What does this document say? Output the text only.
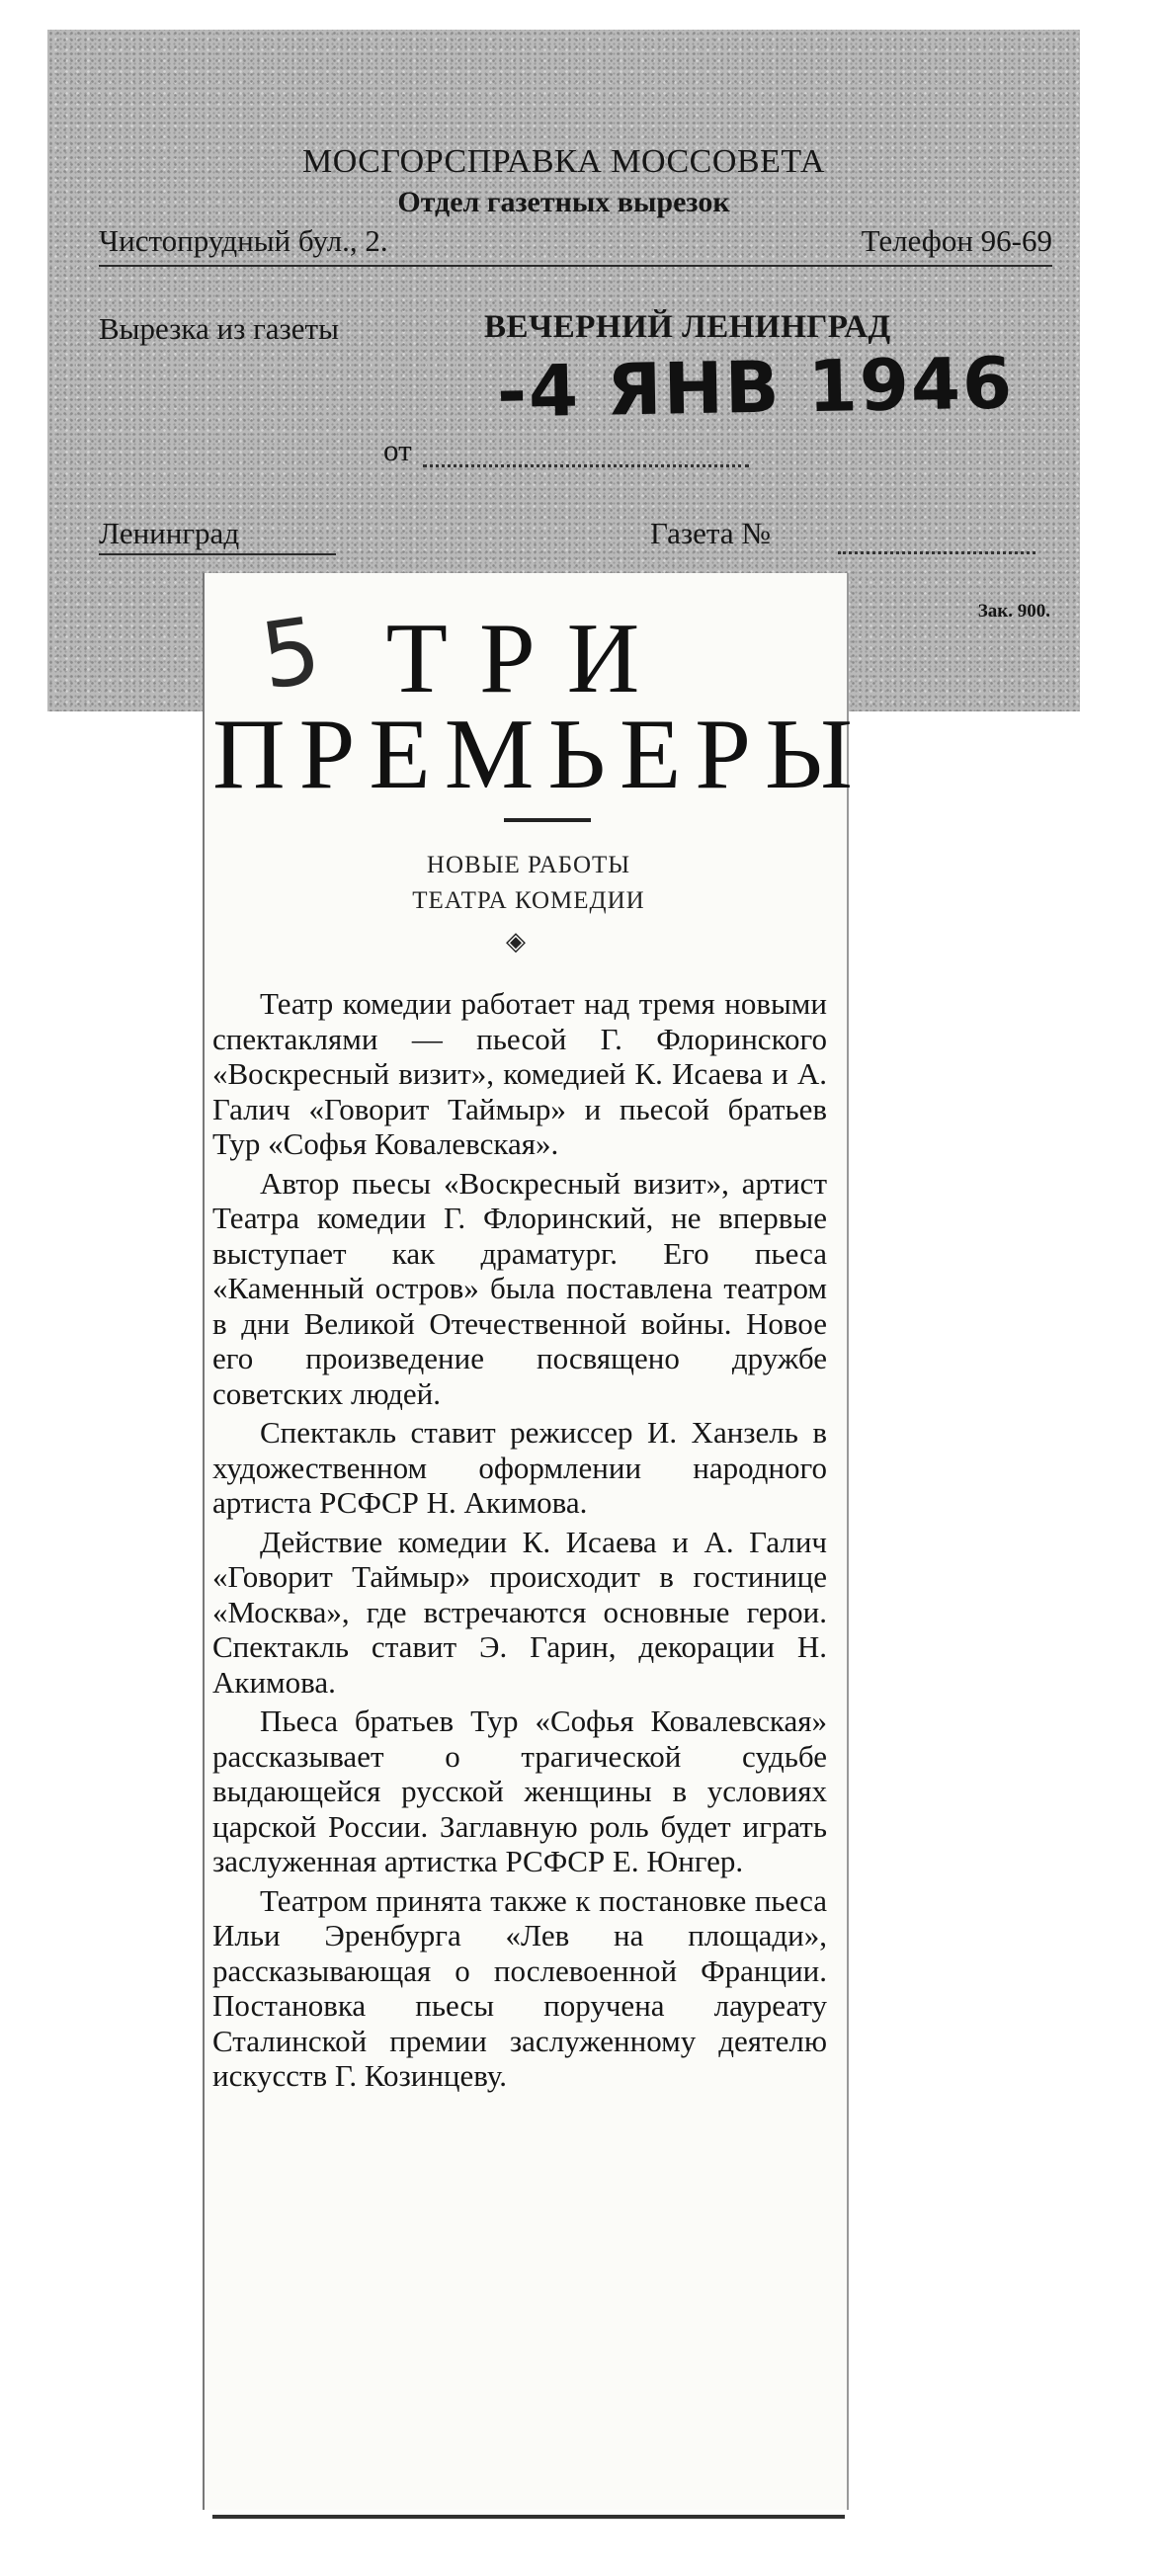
МОСГОРСПРАВКА МОССОВЕТА
Отдел газетных вырезок
Чистопрудный бул., 2.	Телефон 96-69
Вырезка из газеты	ВЕЧЕРНИЙ ЛЕНИНГРАД
-4 ЯНВ 1946
от
Ленинград	Газета №
Зак. 900.
5 ТРИ
ПРЕМЬЕРЫ
НОВЫЕ РАБОТЫ
ТЕАТРА КОМЕДИИ
◈

Театр комедии работает над тремя новыми спектаклями — пьесой Г. Флоринского «Воскресный визит», комедией К. Исаева и А. Галич «Говорит Таймыр» и пьесой братьев Тур «Софья Ковалевская».

Автор пьесы «Воскресный визит», артист Театра комедии Г. Флоринский, не впервые выступает как драматург. Его пьеса «Каменный остров» была поставлена театром в дни Великой Отечественной войны. Новое его произведение посвящено дружбе советских людей.

Спектакль ставит режиссер И. Ханзель в художественном оформлении народного артиста РСФСР Н. Акимова.

Действие комедии К. Исаева и А. Галич «Говорит Таймыр» происходит в гостинице «Москва», где встречаются основные герои. Спектакль ставит Э. Гарин, декорации Н. Акимова.

Пьеса братьев Тур «Софья Ковалевская» рассказывает о трагической судьбе выдающейся русской женщины в условиях царской России. Заглавную роль будет играть заслуженная артистка РСФСР Е. Юнгер.

Театром принята также к постановке пьеса Ильи Эренбурга «Лев на площади», рассказывающая о послевоенной Франции. Постановка пьесы поручена лауреату Сталинской премии заслуженному деятелю искусств Г. Козинцеву.
